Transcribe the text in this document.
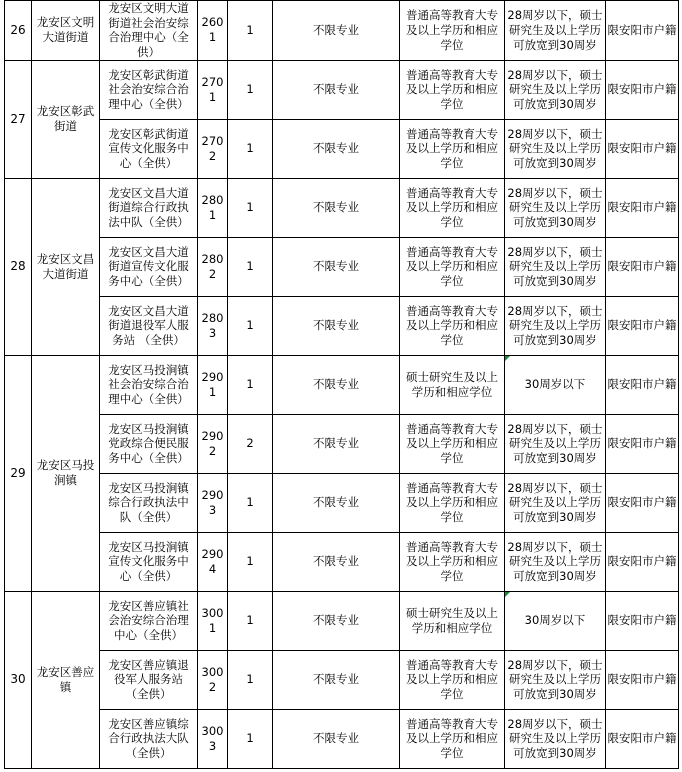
26	龙安区文明大道街道	龙安区文明大道街道社会治安综合治理中心（全供）	2601	1	不限专业	普通高等教育大专及以上学历和相应学位	28周岁以下，硕士研究生及以上学历可放宽到30周岁	限安阳市户籍
27	龙安区彰武街道	龙安区彰武街道社会治安综合治理中心（全供）	2701	1	不限专业	普通高等教育大专及以上学历和相应学位	28周岁以下，硕士研究生及以上学历可放宽到30周岁	限安阳市户籍
		龙安区彰武街道宣传文化服务中心（全供）	2702	1	不限专业	普通高等教育大专及以上学历和相应学位	28周岁以下，硕士研究生及以上学历可放宽到30周岁	限安阳市户籍
28	龙安区文昌大道街道	龙安区文昌大道街道综合行政执法中队（全供）	2801	1	不限专业	普通高等教育大专及以上学历和相应学位	28周岁以下，硕士研究生及以上学历可放宽到30周岁	限安阳市户籍
		龙安区文昌大道街道宣传文化服务中心（全供）	2802	1	不限专业	普通高等教育大专及以上学历和相应学位	28周岁以下，硕士研究生及以上学历可放宽到30周岁	限安阳市户籍
		龙安区文昌大道街道退役军人服务站 （全供）	2803	1	不限专业	普通高等教育大专及以上学历和相应学位	28周岁以下，硕士研究生及以上学历可放宽到30周岁	限安阳市户籍
29	龙安区马投涧镇	龙安区马投涧镇社会治安综合治理中心（全供）	2901	1	不限专业	硕士研究生及以上学历和相应学位	30周岁以下	限安阳市户籍
		龙安区马投涧镇党政综合便民服务中心（全供）	2902	2	不限专业	普通高等教育大专及以上学历和相应学位	28周岁以下，硕士研究生及以上学历可放宽到30周岁	限安阳市户籍
		龙安区马投涧镇综合行政执法中队（全供）	2903	1	不限专业	普通高等教育大专及以上学历和相应学位	28周岁以下，硕士研究生及以上学历可放宽到30周岁	限安阳市户籍
		龙安区马投涧镇宣传文化服务中心（全供）	2904	1	不限专业	普通高等教育大专及以上学历和相应学位	28周岁以下，硕士研究生及以上学历可放宽到30周岁	限安阳市户籍
30	龙安区善应镇	龙安区善应镇社会治安综合治理中心（全供）	3001	1	不限专业	硕士研究生及以上学历和相应学位	30周岁以下	限安阳市户籍
		龙安区善应镇退役军人服务站（全供）	3002	1	不限专业	普通高等教育大专及以上学历和相应学位	28周岁以下，硕士研究生及以上学历可放宽到30周岁	限安阳市户籍
		龙安区善应镇综合行政执法大队（全供）	3003	1	不限专业	普通高等教育大专及以上学历和相应学位	28周岁以下，硕士研究生及以上学历可放宽到30周岁	限安阳市户籍
